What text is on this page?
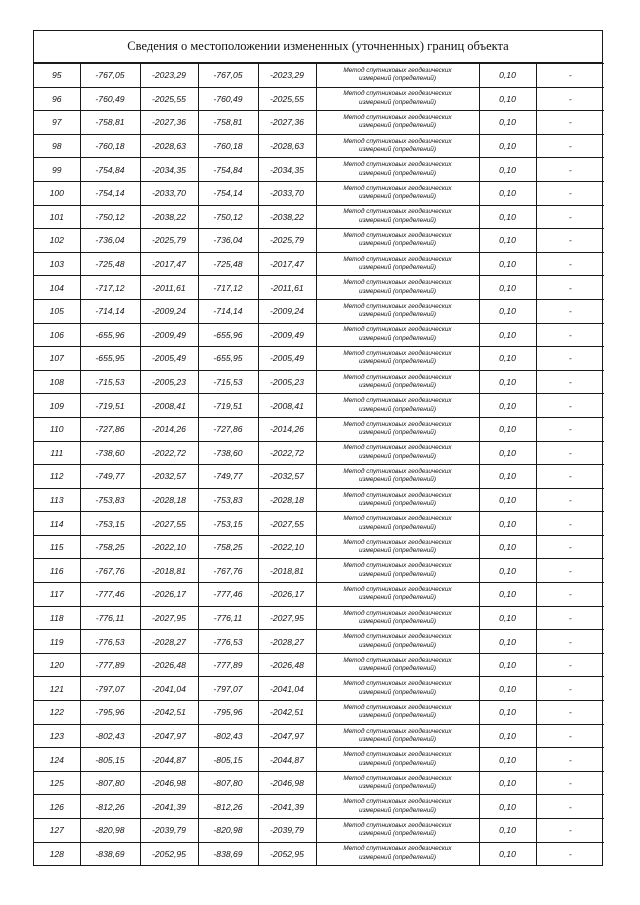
Сведения о местоположении измененных (уточненных) границ объекта
95	-767,05	-2023,29	-767,05	-2023,29	Метод спутниковых геодезических
измерений (определений)	0,10	-
96	-760,49	-2025,55	-760,49	-2025,55	Метод спутниковых геодезических
измерений (определений)	0,10	-
97	-758,81	-2027,36	-758,81	-2027,36	Метод спутниковых геодезических
измерений (определений)	0,10	-
98	-760,18	-2028,63	-760,18	-2028,63	Метод спутниковых геодезических
измерений (определений)	0,10	-
99	-754,84	-2034,35	-754,84	-2034,35	Метод спутниковых геодезических
измерений (определений)	0,10	-
100	-754,14	-2033,70	-754,14	-2033,70	Метод спутниковых геодезических
измерений (определений)	0,10	-
101	-750,12	-2038,22	-750,12	-2038,22	Метод спутниковых геодезических
измерений (определений)	0,10	-
102	-736,04	-2025,79	-736,04	-2025,79	Метод спутниковых геодезических
измерений (определений)	0,10	-
103	-725,48	-2017,47	-725,48	-2017,47	Метод спутниковых геодезических
измерений (определений)	0,10	-
104	-717,12	-2011,61	-717,12	-2011,61	Метод спутниковых геодезических
измерений (определений)	0,10	-
105	-714,14	-2009,24	-714,14	-2009,24	Метод спутниковых геодезических
измерений (определений)	0,10	-
106	-655,96	-2009,49	-655,96	-2009,49	Метод спутниковых геодезических
измерений (определений)	0,10	-
107	-655,95	-2005,49	-655,95	-2005,49	Метод спутниковых геодезических
измерений (определений)	0,10	-
108	-715,53	-2005,23	-715,53	-2005,23	Метод спутниковых геодезических
измерений (определений)	0,10	-
109	-719,51	-2008,41	-719,51	-2008,41	Метод спутниковых геодезических
измерений (определений)	0,10	-
110	-727,86	-2014,26	-727,86	-2014,26	Метод спутниковых геодезических
измерений (определений)	0,10	-
111	-738,60	-2022,72	-738,60	-2022,72	Метод спутниковых геодезических
измерений (определений)	0,10	-
112	-749,77	-2032,57	-749,77	-2032,57	Метод спутниковых геодезических
измерений (определений)	0,10	-
113	-753,83	-2028,18	-753,83	-2028,18	Метод спутниковых геодезических
измерений (определений)	0,10	-
114	-753,15	-2027,55	-753,15	-2027,55	Метод спутниковых геодезических
измерений (определений)	0,10	-
115	-758,25	-2022,10	-758,25	-2022,10	Метод спутниковых геодезических
измерений (определений)	0,10	-
116	-767,76	-2018,81	-767,76	-2018,81	Метод спутниковых геодезических
измерений (определений)	0,10	-
117	-777,46	-2026,17	-777,46	-2026,17	Метод спутниковых геодезических
измерений (определений)	0,10	-
118	-776,11	-2027,95	-776,11	-2027,95	Метод спутниковых геодезических
измерений (определений)	0,10	-
119	-776,53	-2028,27	-776,53	-2028,27	Метод спутниковых геодезических
измерений (определений)	0,10	-
120	-777,89	-2026,48	-777,89	-2026,48	Метод спутниковых геодезических
измерений (определений)	0,10	-
121	-797,07	-2041,04	-797,07	-2041,04	Метод спутниковых геодезических
измерений (определений)	0,10	-
122	-795,96	-2042,51	-795,96	-2042,51	Метод спутниковых геодезических
измерений (определений)	0,10	-
123	-802,43	-2047,97	-802,43	-2047,97	Метод спутниковых геодезических
измерений (определений)	0,10	-
124	-805,15	-2044,87	-805,15	-2044,87	Метод спутниковых геодезических
измерений (определений)	0,10	-
125	-807,80	-2046,98	-807,80	-2046,98	Метод спутниковых геодезических
измерений (определений)	0,10	-
126	-812,26	-2041,39	-812,26	-2041,39	Метод спутниковых геодезических
измерений (определений)	0,10	-
127	-820,98	-2039,79	-820,98	-2039,79	Метод спутниковых геодезических
измерений (определений)	0,10	-
128	-838,69	-2052,95	-838,69	-2052,95	Метод спутниковых геодезических
измерений (определений)	0,10	-
